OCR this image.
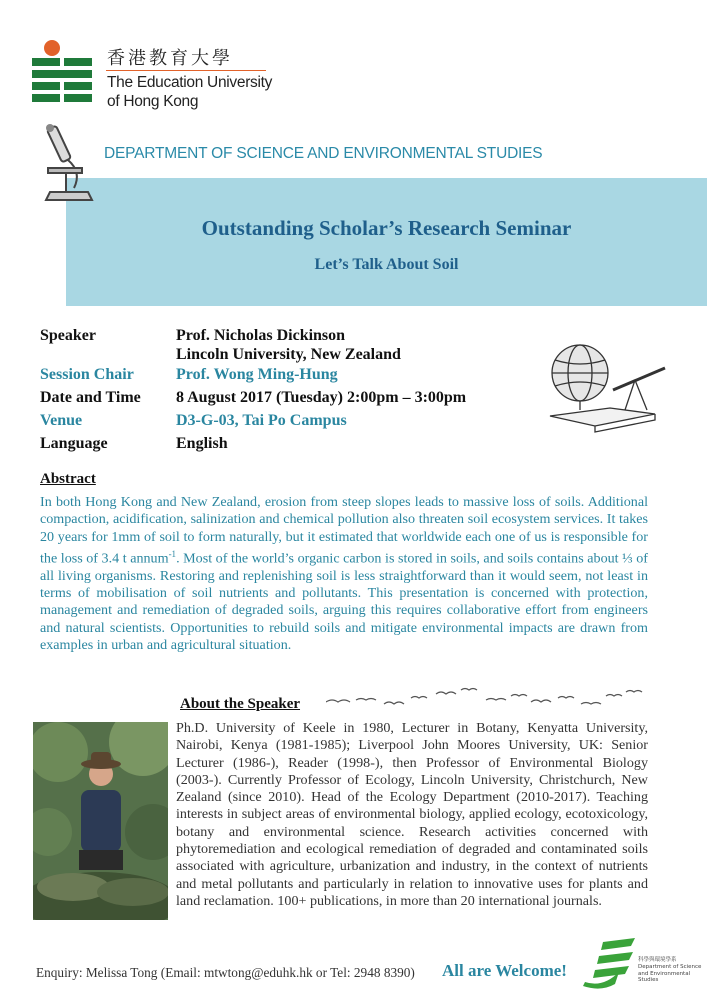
香港教育大學
The Education University
of Hong Kong
DEPARTMENT OF SCIENCE AND ENVIRONMENTAL STUDIES
Outstanding Scholar’s Research Seminar
Let’s Talk About Soil
Speaker	Prof. Nicholas Dickinson
Lincoln University, New Zealand
Session Chair	Prof. Wong Ming-Hung
Date and Time 8 August 2017 (Tuesday) 2:00pm – 3:00pm
Venue	D3-G-03, Tai Po Campus
Language	English
Abstract
In both Hong Kong and New Zealand, erosion from steep slopes leads to massive loss of soils. Additional compaction, acidification, salinization and chemical pollution also threaten soil ecosystem services. It takes 20 years for 1mm of soil to form naturally, but it estimated that worldwide each one of us is responsible for the loss of 3.4 t annum$^{-1}$. Most of the world’s organic carbon is stored in soils, and soils contains about ⅓ of all living organisms. Restoring and replenishing soil is less straightforward than it would seem, not least in terms of mobilisation of soil nutrients and pollutants. This presentation is concerned with protection, management and remediation of degraded soils, arguing this requires collaborative effort from engineers and natural scientists. Opportunities to rebuild soils and mitigate environmental impacts are drawn from examples in urban and agricultural situation.
About the Speaker
Ph.D. University of Keele in 1980, Lecturer in Botany, Kenyatta University, Nairobi, Kenya (1981-1985); Liverpool John Moores University, UK: Senior Lecturer (1986-), Reader (1998-), then Professor of Environmental Biology (2003-). Currently Professor of Ecology, Lincoln University, Christchurch, New Zealand (since 2010). Head of the Ecology Department (2010-2017). Teaching interests in subject areas of environmental biology, applied ecology, ecotoxicology, botany and environmental science. Research activities concerned with phytoremediation and ecological remediation of degraded and contaminated soils associated with agriculture, urbanization and industry, in the context of nutrients and metal pollutants and particularly in relation to innovative uses for plants and land reclamation. 100+ publications, in more than 20 international journals.
Enquiry: Melissa Tong (Email: mtwtong@eduhk.hk or Tel: 2948 8390) All are Welcome!
科學與環境學系
Department of Science
and Environmental Studies
